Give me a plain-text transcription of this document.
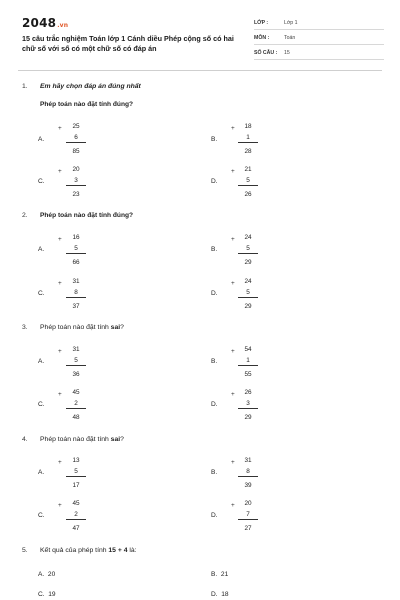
2048.vn
15 câu trắc nghiệm Toán lớp 1 Cánh diều Phép cộng số có hai chữ số với số có một chữ số có đáp án
LỚP :	Lớp 1
MÔN :	Toán
SỐ CÂU : 15
1. Em hãy chọn đáp án đúng nhất
Phép toán nào đặt tính đúng?
A.
+	25
6
85
B.
+	18
1
28
C.
+	20
3
23
D.
+	21
5
26
2. Phép toán nào đặt tính đúng?
A.
+	16
5
66
B.
+	24
5
29
C.
+	31
8
37
D.
+	24
5
29
3. Phép toán nào đặt tính sai?
A.
+	31
5
36
B.
+	54
1
55
C.
+	45
2
48
D.
+	26
3
29
4. Phép toán nào đặt tính sai?
A.
+	13
5
17
B.
+	31
8
39
C.
+	45
2
47
D.
+	20
7
27
5. Kết quả của phép tính 15 + 4 là:
A. 20	B. 21
C. 19	D. 18
